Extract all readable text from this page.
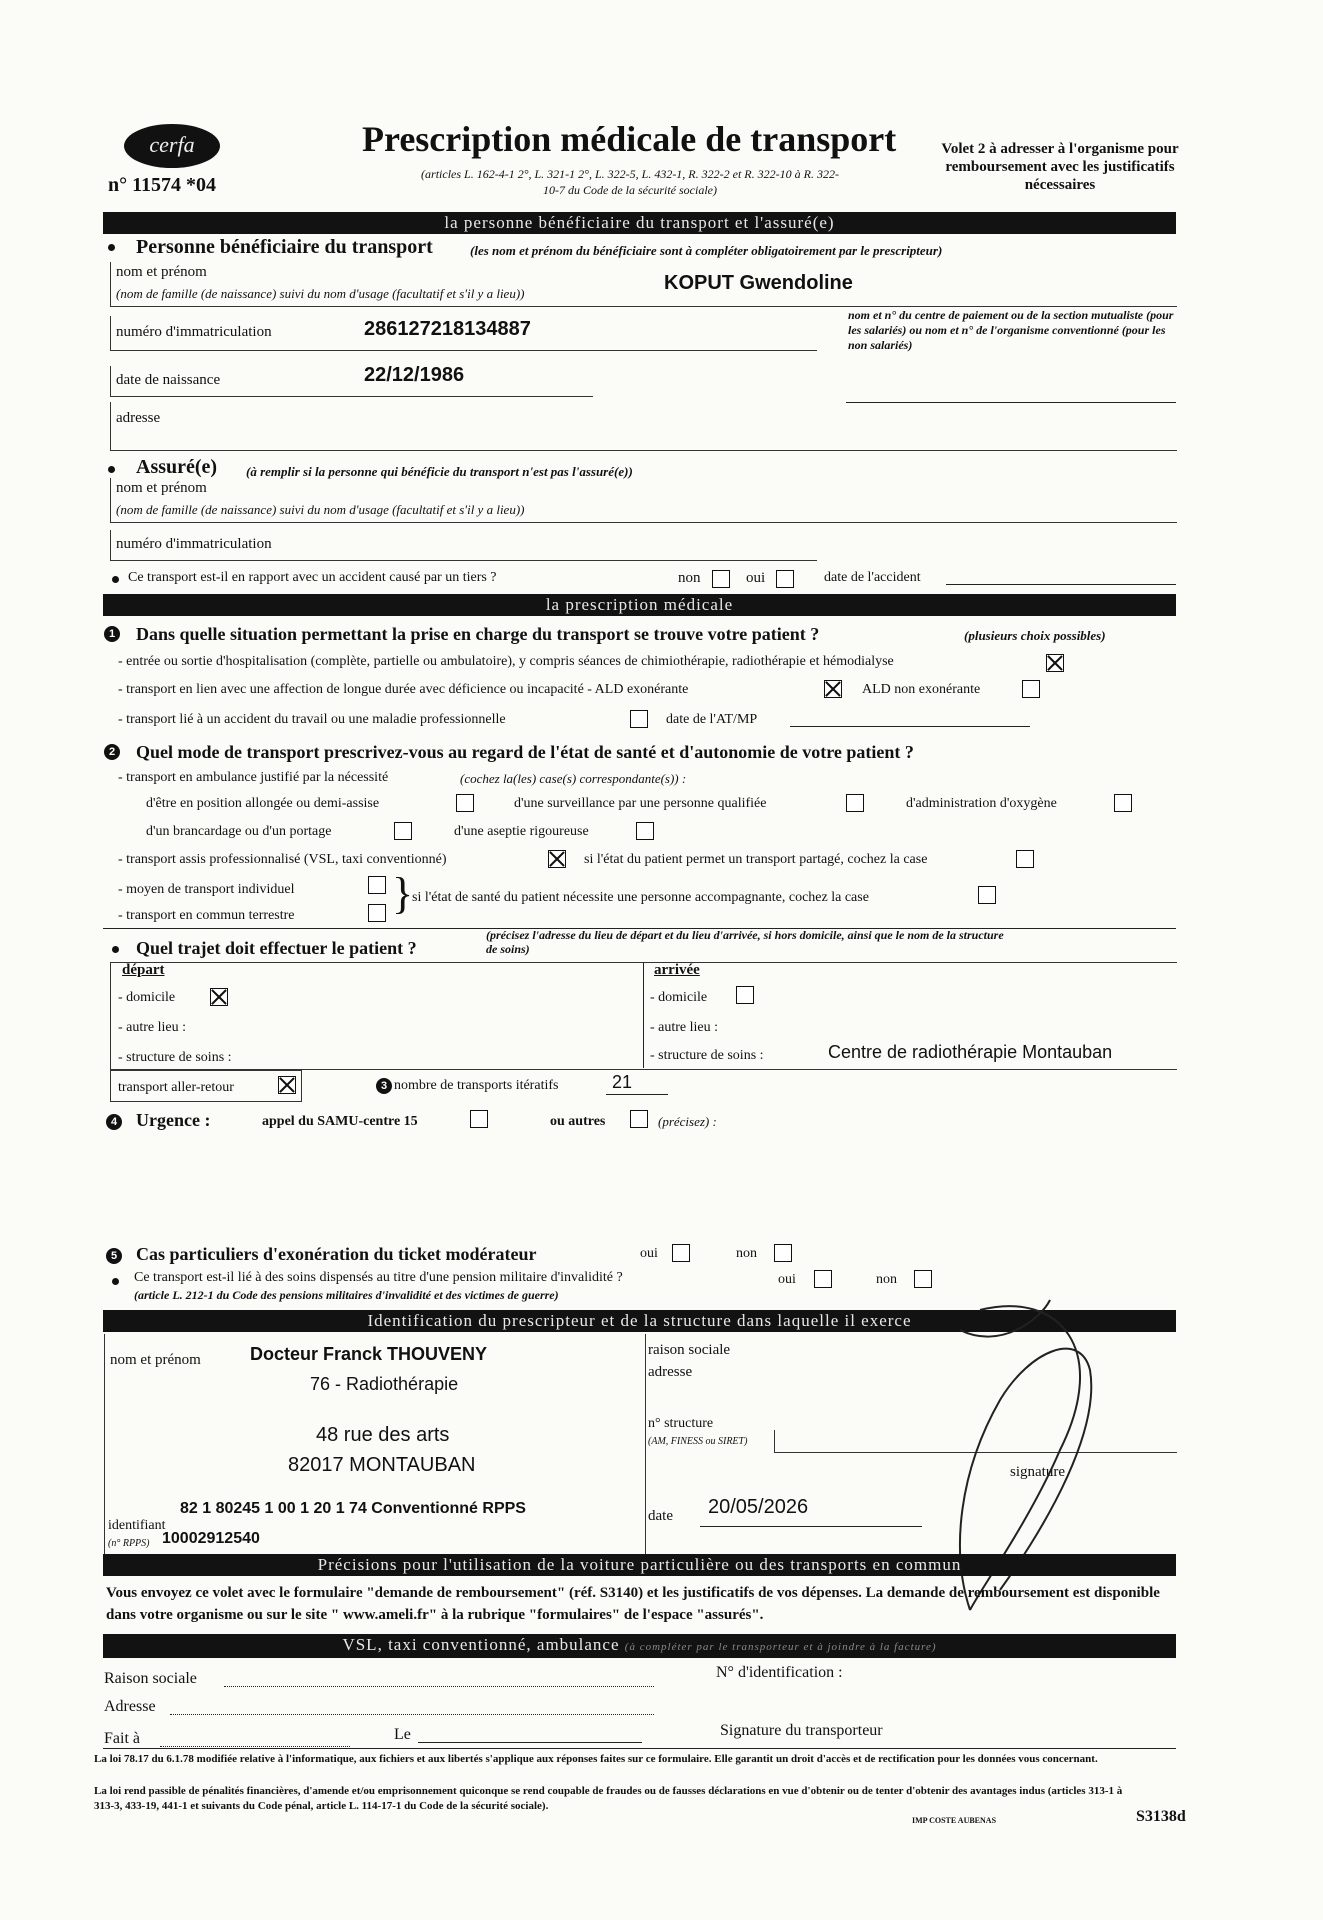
cerfa
n° 11574 *04
Prescription médicale de transport
(articles L. 162-4-1 2°, L. 321-1 2°, L. 322-5, L. 432-1, R. 322-2 et R. 322-10 à R. 322-10-7 du Code de la sécurité sociale)
Volet 2 à adresser à l'organisme pour remboursement avec les justificatifs nécessaires
la personne bénéficiaire du transport et l'assuré(e)
Personne bénéficiaire du transport	(les nom et prénom du bénéficiaire sont à compléter obligatoirement par le prescripteur)
nom et prénom
(nom de famille (de naissance) suivi du nom d'usage (facultatif et s'il y a lieu))	KOPUT Gwendoline
numéro d'immatriculation	286127218134887
nom et n° du centre de paiement ou de la section mutualiste (pour les salariés) ou nom et n° de l'organisme conventionné (pour les non salariés)
date de naissance	22/12/1986
adresse
Assuré(e) (à remplir si la personne qui bénéficie du transport n'est pas l'assuré(e))
nom et prénom
(nom de famille (de naissance) suivi du nom d'usage (facultatif et s'il y a lieu))
numéro d'immatriculation
Ce transport est-il en rapport avec un accident causé par un tiers ?	non	oui	date de l'accident
la prescription médicale
1 Dans quelle situation permettant la prise en charge du transport se trouve votre patient ?	(plusieurs choix possibles)
- entrée ou sortie d'hospitalisation (complète, partielle ou ambulatoire), y compris séances de chimiothérapie, radiothérapie et hémodialyse
- transport en lien avec une affection de longue durée avec déficience ou incapacité - ALD exonérante	ALD non exonérante
- transport lié à un accident du travail ou une maladie professionnelle	date de l'AT/MP
2 Quel mode de transport prescrivez-vous au regard de l'état de santé et d'autonomie de votre patient ?
- transport en ambulance justifié par la nécessité	(cochez la(les) case(s) correspondante(s)) :
d'être en position allongée ou demi-assise	d'une surveillance par une personne qualifiée	d'administration d'oxygène
d'un brancardage ou d'un portage	d'une aseptie rigoureuse
- transport assis professionnalisé (VSL, taxi conventionné)	si l'état du patient permet un transport partagé, cochez la case
- moyen de transport individuel
- transport en commun terrestre }
si l'état de santé du patient nécessite une personne accompagnante, cochez la case
Quel trajet doit effectuer le patient ?
(précisez l'adresse du lieu de départ et du lieu d'arrivée, si hors domicile, ainsi que le nom de la structure de soins)
départ
- domicile
- autre lieu :
- structure de soins :
arrivée
- domicile
- autre lieu :
- structure de soins :	Centre de radiothérapie Montauban
transport aller-retour	3 nombre de transports itératifs	21
4 Urgence :	appel du SAMU-centre 15	ou autres	(précisez) :
5 Cas particuliers d'exonération du ticket modérateur	oui	non
Ce transport est-il lié à des soins dispensés au titre d'une pension militaire d'invalidité ?
(article L. 212-1 du Code des pensions militaires d'invalidité et des victimes de guerre)
oui	non
Identification du prescripteur et de la structure dans laquelle il exerce
nom et prénom	Docteur Franck THOUVENY
76 - Radiothérapie
48 rue des arts
82017 MONTAUBAN
82 1 80245 1 00 1 20 1 74 Conventionné RPPS
identifiant
(n° RPPS) 10002912540
raison sociale
adresse
n° structure
(AM, FINESS ou SIRET)
signature
date 20/05/2026
Précisions pour l'utilisation de la voiture particulière ou des transports en commun
Vous envoyez ce volet avec le formulaire "demande de remboursement" (réf. S3140) et les justificatifs de vos dépenses. La demande de remboursement est disponible dans votre organisme ou sur le site " www.ameli.fr" à la rubrique "formulaires" de l'espace "assurés".
VSL, taxi conventionné, ambulance (à compléter par le transporteur et à joindre à la facture)
Raison sociale
Adresse
N° d'identification :
Fait à	Le	Signature du transporteur
La loi 78.17 du 6.1.78 modifiée relative à l'informatique, aux fichiers et aux libertés s'applique aux réponses faites sur ce formulaire. Elle garantit un droit d'accès et de rectification pour les données vous concernant.
La loi rend passible de pénalités financières, d'amende et/ou emprisonnement quiconque se rend coupable de fraudes ou de fausses déclarations en vue d'obtenir ou de tenter d'obtenir des avantages indus (articles 313-1 à 313-3, 433-19, 441-1 et suivants du Code pénal, article L. 114-17-1 du Code de la sécurité sociale).
IMP COSTE AUBENAS	S3138d
